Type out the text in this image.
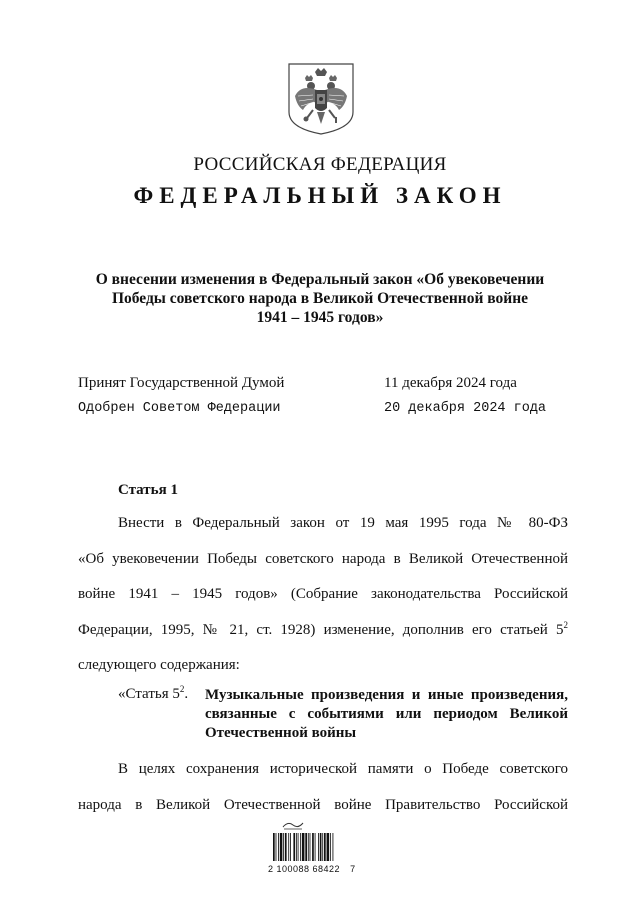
РОССИЙСКАЯ ФЕДЕРАЦИЯ
ФЕДЕРАЛЬНЫЙ ЗАКОН
О внесении изменения в Федеральный закон «Об увековечении
Победы советского народа в Великой Отечественной войне
1941 – 1945 годов»
Принят Государственной Думой	11 декабря 2024 года
Одобрен Советом Федерации	20 декабря 2024 года
Статья 1
Внести в Федеральный закон от 19 мая 1995 года № 80-ФЗ
«Об увековечении Победы советского народа в Великой Отечественной
войне 1941 – 1945 годов» (Собрание законодательства Российской
Федерации, 1995, № 21, ст. 1928) изменение, дополнив его статьей $5^2$
следующего содержания:
«Статья $5^2$. Музыкальные произведения и иные произведения,
связанные с событиями или периодом Великой
Отечественной войны
В целях сохранения исторической памяти о Победе советского
народа в Великой Отечественной войне Правительство Российской
2 100088 68422 7
